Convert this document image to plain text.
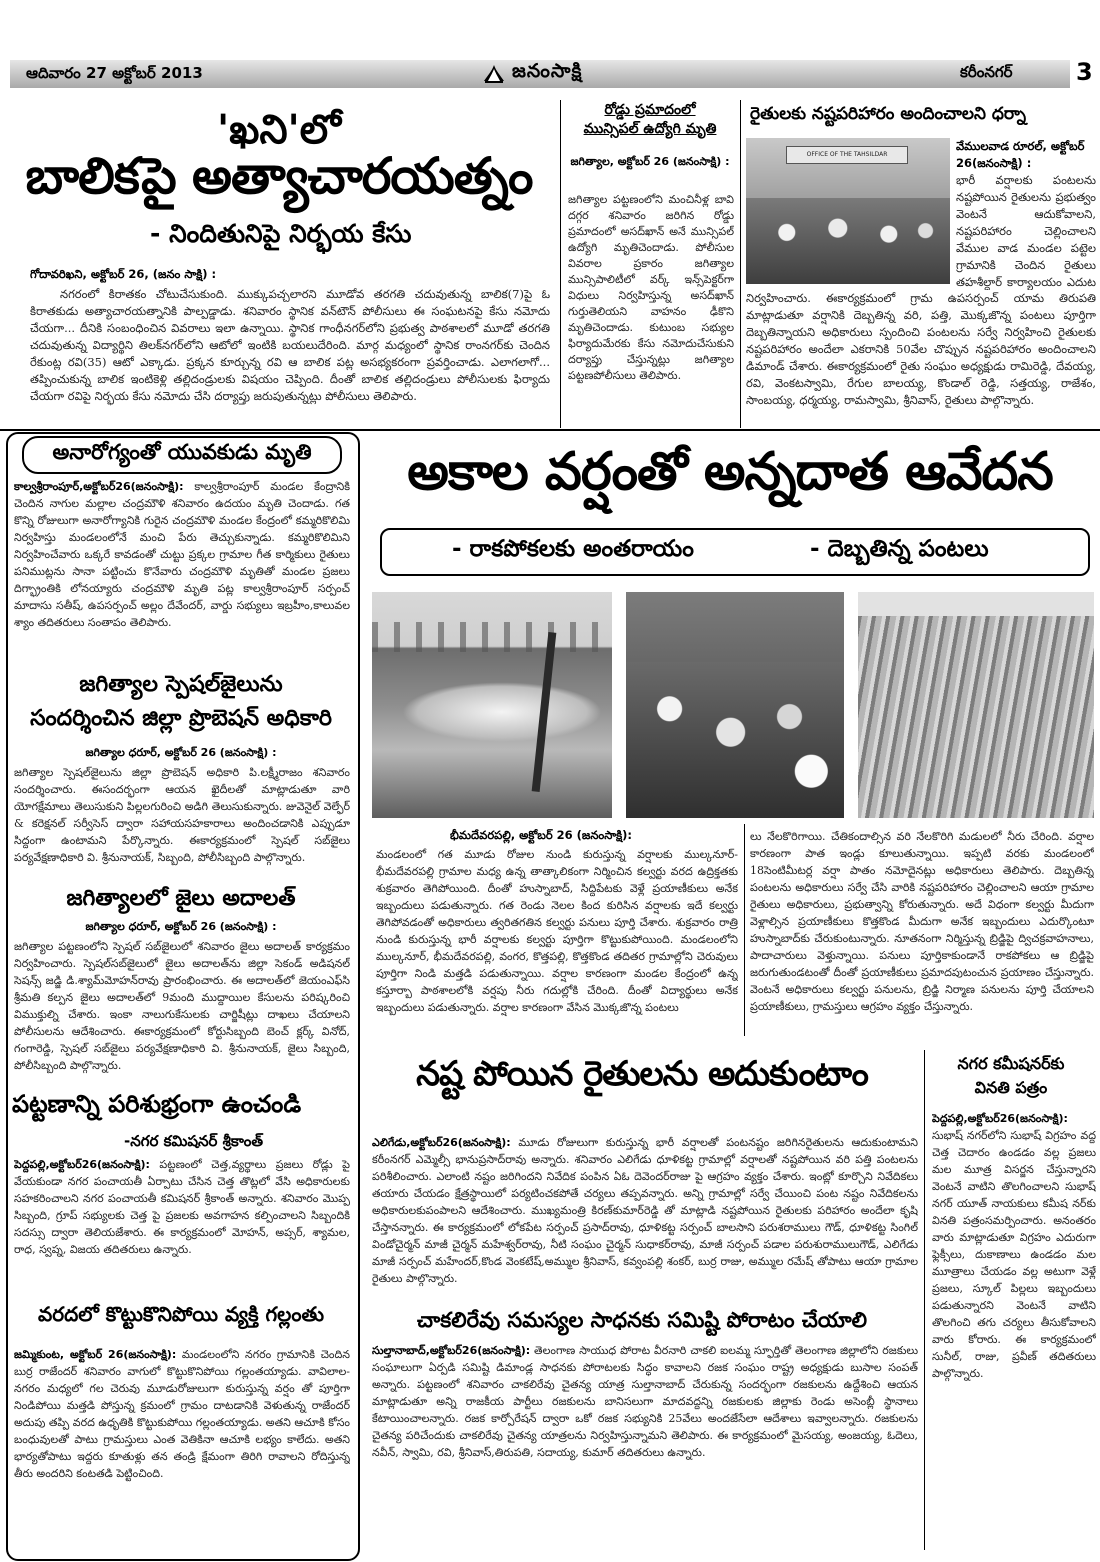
ఆదివారం 27 అక్టోబర్ 2013	జనంసాక్షి	కరీంనగర్	3
'ఖని'లో
బాలికపై అత్యాచారయత్నం
- నిందితునిపై నిర్భయ కేసు
గోదావరిఖని, అక్టోబర్ 26, (జనం సాక్షి) :

నగరంలో కిరాతకం చోటుచేసుకుంది. ముక్కుపచ్చలారని మూడోవ తరగతి చదువుతున్న బాలిక(7)పై ఓ కిరాతకుడు అత్యాచారయత్నానికి పాల్పడ్డాడు. శనివారం స్థానిక వన్‌టౌన్ పోలీసులు ఈ సంఘటనపై కేసు నమోదు చేయగా... దీనికి సంబంధించిన వివరాలు ఇలా ఉన్నాయి. స్థానిక గాంధీనగర్‌లోని ప్రభుత్వ పాఠశాలలో మూడో తరగతి చదువుతున్న విద్యార్థిని తిలక్‌నగర్‌లోని ఆటోలో ఇంటికి బయలుదేరింది. మార్గ మధ్యంలో స్థానిక రాంనగర్‌కు చెందిన రేకుంట్ల రవి(35) ఆటో ఎక్కాడు. ప్రక్కన కూర్చున్న రవి ఆ బాలిక పట్ల అసభ్యకరంగా ప్రవర్తించాడు. ఎలాగలాగో... తప్పించుకున్న బాలిక ఇంటికెళ్లి తల్లిదండ్రులకు విషయం చెప్పింది. దీంతో బాలిక తల్లిదండ్రులు పోలీసులకు ఫిర్యాదు చేయగా రవిపై నిర్భయ కేసు నమోదు చేసి దర్యాప్తు జరుపుతున్నట్లు పోలీసులు తెలిపారు.

రోడ్డు ప్రమాదంలో
మున్సిపల్ ఉద్యోగి మృతి
జగిత్యాల, అక్టోబర్ 26 (జనంసాక్షి) :

జగిత్యాల పట్టణంలోని మంచినీళ్ల బావి దగ్గర శనివారం జరిగిన రోడ్డు ప్రమాదంలో అసద్‌ఖాన్ అనే మున్సిపల్ ఉద్యోగి మృతిచెందాడు. పోలీసుల వివరాల ప్రకారం జగిత్యాల మున్సిపాలిటీలో వర్క్ ఇన్స్‌పెక్టర్‌గా విధులు నిర్వహిస్తున్న అసద్‌ఖాన్ గుర్తుతెలియని వాహనం ఢీకొని మృతిచెందాడు. కుటుంబ సభ్యుల ఫిర్యాదుమేరకు కేసు నమోదుచేసుకుని దర్యాప్తు చేస్తున్నట్లు జగిత్యాల పట్టణపోలీసులు తెలిపారు.

రైతులకు నష్టపరిహారం అందించాలని ధర్నా
OFFICE OF THE TAHSILDAR
వేములవాడ రూరల్, అక్టోబర్ 26(జనంసాక్షి) :

భారీ వర్షాలకు పంటలను నష్టపోయిన రైతులను ప్రభుత్వం వెంటనే ఆదుకోవాలని, నష్టపరిహారం చెల్లించాలని వేముల వాడ మండల పట్టెల గ్రామానికి చెందిన రైతులు తహశీల్దార్ కార్యాలయం ఎదుట

నిర్వహించారు. ఈకార్యక్రమంలో గ్రామ ఉపసర్పంచ్ యామ తిరుపతి మాట్లాడుతూ వర్షానికి దెబ్బతిన్న వరి, పత్తి, మొక్కజొన్న పంటలు పూర్తిగా దెబ్బతిన్నాయని అధికారులు స్పందించి పంటలను సర్వే నిర్వహించి రైతులకు నష్టపరిహారం అందేలా ఎకరానికి 50వేల చొప్పున నష్టపరిహారం అందించాలని డిమాండ్ చేశారు. ఈకార్యక్రమంలో రైతు సంఘం అధ్యక్షుడు రామిరెడ్డి, దేవయ్య, రవి, వెంకటస్వామి, రేగుల బాలయ్య, కొండాల్ రెడ్డి, సత్తయ్య, రాజేశం, సాంబయ్య, ధర్మయ్య, రామస్వామి, శ్రీనివాస్, రైతులు పాల్గొన్నారు.

అనారోగ్యంతో యువకుడు మృతి

కాల్వశ్రీరాంపూర్,అక్టోబర్26(జనంసాక్షి): కాల్వశ్రీరాంపూర్ మండల కేంద్రానికి చెందిన నాగుల మల్లాల చంద్రమౌళి శనివారం ఉదయం మృతి చెందాడు. గత కొన్ని రోజులుగా అనారోగ్యానికి గురైన చంద్రమౌళి మండల కేంద్రంలో కమ్మరికొలిమి నిర్వహిస్తు మండలంలోనే మంచి పేరు తెచ్చుకున్నాడు. కమ్మరికొలిమిని నిర్వహించేవారు ఒక్కరే కావడంతో చుట్టు ప్రక్కల గ్రామాల గీత కార్మికులు రైతులు పనిముట్లను సానా పట్టించు కొనేవారు చంద్రమౌళి మృతితో మండల ప్రజలు దిగ్భ్రాంతికి లోనయ్యారు చంద్రమౌళి మృతి పట్ల కాల్వశ్రీరాంపూర్ సర్పంచ్ మాదాసు సతీష్, ఉపసర్పంచ్ అల్లం దేవేందర్, వార్డు సభ్యులు ఇబ్రహీం,కాలువల శ్యాం తదితరులు సంతాపం తెలిపారు.

జగిత్యాల స్పెషల్‌జైలును
సందర్శించిన జిల్లా ప్రొబెషన్ అధికారి
జగిత్యాల ధరూర్, అక్టోబర్ 26 (జనంసాక్షి) :

జగిత్యాల స్పెషల్‌జైలును జిల్లా ప్రొబెషన్ అధికారి పి.లక్ష్మీరాజం శనివారం సందర్శించారు. ఈసందర్భంగా ఆయన ఖైదీలతో మాట్లాడుతూ వారి యోగక్షేమాలు తెలుసుకుని పిల్లలగురించి అడిగి తెలుసుకున్నారు. జువెనైల్ వెల్ఫేర్ & కరెక్షనల్ సర్వీసెస్ ద్వారా సహాయసహకారాలు అందించడానికి ఎప్పుడూ సిద్దంగా ఉంటామని పేర్కొన్నారు. ఈకార్యక్రమంలో స్పెషల్ సబ్‌జైలు పర్యవేక్షణాధికారి వి. శ్రీనునాయక్, సిబ్బంది, పోలీసిబ్బంది పాల్గొన్నారు.

జగిత్యాలలో జైలు అదాలత్
జగిత్యాల ధరూర్, అక్టోబర్ 26 (జనంసాక్షి) :

జగిత్యాల పట్టణంలోని స్పెషల్ సబ్‌జైలులో శనివారం జైలు అదాలత్ కార్యక్రమం నిర్వహించారు. స్పెషల్‌సబ్‌జైలులో జైలు అదాలత్‌ను జిల్లా సెకండ్ అడిషనల్ సెషన్స్ జడ్జి డి.శ్యామ్‌మోహన్‌రావు ప్రారంభించారు. ఈ అదాలత్‌లో జెయంఎఫ్‌సి శ్రీమతి కల్పన జైలు అదాలత్‌లో 9మంది ముద్దాయిల కేసులను పరిష్కరించి విముక్తుల్ని చేశారు. ఇంకా నాలుగుకేసులకు చార్జిషీట్లు దాఖలు చేయాలని పోలీసులను ఆదేశించారు. ఈకార్యక్రమంలో కోర్టుసిబ్బంది బెంచ్ క్లర్క్ వినోద్, గంగారెడ్డి, స్పెషల్ సబ్‌జైలు పర్యవేక్షణాధికారి వి. శ్రీనునాయక్, జైలు సిబ్బంది, పోలీసిబ్బంది పాల్గొన్నారు.

పట్టణాన్ని పరిశుభ్రంగా ఉంచండి
-నగర కమిషనర్ శ్రీకాంత్

పెద్దపల్లి,అక్టోబర్26(జనంసాక్షి): పట్టణంలో చెత్త,వ్యర్థాలు ప్రజలు రోడ్లు పై వేయకుండా నగర పంచాయతీ ఏర్పాటు చేసిన చెత్త తొట్లలో వేసి అధికారులకు సహకరించాలని నగర పంచాయతీ కమిషనర్ శ్రీకాంత్ అన్నారు. శనివారం మొప్ప సిబ్బంది, గ్రూప్ సభ్యులకు చెత్త పై ప్రజలకు అవగాహన కల్పించాలని సిబ్బందికి సదస్సు ద్వారా తెలియజేశారు. ఈ కార్యక్రమంలో మోహన్, అప్సర్, శ్యామల, రాధ, స్వప్న, విజయ తదితరులు ఉన్నారు.

వరదలో కొట్టుకొనిపోయి వ్యక్తి గల్లంతు

జమ్మికుంట, అక్టోబర్ 26(జనంసాక్షి): మండలంలోని నగరం గ్రామానికి చెందిన బుర్ర రాజేందర్ శనివారం వాగులో కొట్టుకొనిపోయి గల్లంతయ్యాడు. వావిలాల-నగరం మధ్యలో గల చెరువు మూడురోజులుగా కురుస్తున్న వర్షం తో పూర్తిగా నిండిపోయి మత్తడి పోస్తున్న క్రమంలో గ్రామం దాటడానికి వెళుతున్న రాజేందర్ అదుపు తప్పి వరద ఉధృతికి కొట్టుకుపోయి గల్లంతయ్యాడు. అతని ఆచూకి కోసం బంధువులతో పాటు గ్రామస్తులు ఎంత వెతికినా ఆచూకి లభ్యం కాలేదు. అతని భార్యతోపాటు ఇద్దరు కూతుళ్లు తన తండ్రి క్షేమంగా తిరిగి రావాలని రోదిస్తున్న తీరు అందరిని కంటతడి పెట్టించింది.

అకాల వర్షంతో అన్నదాత ఆవేదన
- రాకపోకలకు అంతరాయం	- దెబ్బతిన్న పంటలు
భీమదేవరపల్లి, అక్టోబర్ 26 (జనంసాక్షి):

మండలంలో గత మూడు రోజుల నుండి కురుస్తున్న వర్షాలకు ముల్కనూర్-భీమదేవరపల్లి గ్రామాల మధ్య ఉన్న తాత్కాలికంగా నిర్మించిన కల్వర్టు వరద ఉద్రిక్తతకు శుక్రవారం తెగిపోయింది. దీంతో హుస్నాబాద్, సిద్దిపేటకు వెళ్లే ప్రయాణీకులు అనేక ఇబ్బందులు పడుతున్నారు. గత రెండు నెలల కింద కురిసిన వర్షాలకు ఇదే కల్వర్టు తెగిపోవడంతో అధికారులు త్వరితగతిన కల్వర్టు పనులు పూర్తి చేశారు. శుక్రవారం రాత్రి నుండి కురుస్తున్న భారీ వర్షాలకు కల్వర్టు పూర్తిగా కొట్టుకుపోయింది. మండలంలోని ముల్కనూర్, భీమదేవరపల్లి, వంగర, కొత్తపల్లి, కొత్తకొండ తదితర గ్రామాల్లోని చెరువులు పూర్తిగా నిండి మత్తడి పడుతున్నాయి. వర్షాల కారణంగా మండల కేంద్రంలో ఉన్న కస్తూర్బా పాఠశాలలోకి వర్షపు నీరు గదుల్లోకి చేరింది. దీంతో విద్యార్థులు అనేక ఇబ్బందులు పడుతున్నారు. వర్షాల కారణంగా వేసిన మొక్కజొన్న పంటలు

లు నేలకొరిగాయి. చేతికందాల్సిన వరి నేలకొరిగి మడులలో నీరు చేరింది. వర్షాల కారణంగా పాత ఇండ్లు కూలుతున్నాయి. ఇప్పటి వరకు మండలంలో 18సెంటిమీటర్ల వర్షా పాతం నమోదైనట్లు అధికారులు తెలిపారు. దెబ్బతిన్న పంటలను అధికారులు సర్వే చేసి వారికి నష్టపరిహారం చెల్లించాలని ఆయా గ్రామాల రైతులు అధికారులు, ప్రభుత్వాన్ని కోరుతున్నారు. అదే విధంగా కల్వర్టు మీదుగా వెళ్లాల్సిన ప్రయాణీకులు కొత్తకొండ మీదుగా అనేక ఇబ్బందులు ఎదుర్కొంటూ హుస్నాబాద్‌కు చేరుకుంటున్నారు. నూతనంగా నిర్మిస్తున్న బ్రిడ్జిపై ద్విచక్రవాహనాలు, పాదాచారులు వెళ్తున్నాయి. పనులు పూర్తికాకుండానే రాకపోకలు ఆ బ్రిడ్జిపై జరుగుతుండటంతో దీంతో ప్రయాణీకులు ప్రమాదపుటంచున ప్రయాణం చేస్తున్నారు. వెంటనే అధికారులు కల్వర్టు పనులను, బ్రిడ్జి నిర్మాణ పనులను పూర్తి చేయాలని ప్రయాణీకులు, గ్రామస్తులు ఆగ్రహం వ్యక్తం చేస్తున్నారు.

నష్ట పోయిన రైతులను అదుకుంటాం

ఎలిగేడు,అక్టోబర్26(జనంసాక్షి): మూడు రోజులుగా కురుస్తున్న భారీ వర్షాలతో పంటనష్టం జరిగినరైతులను ఆదుకుంటామని కరీంనగర్ ఎమ్మెల్సీ భానుప్రసాద్‌రావు అన్నారు. శనివారం ఎలిగేడు ధూళికట్ట గ్రామాల్లో వర్షాలతో నష్టపోయిన వరి పత్తి పంటలను పరిశీలించారు. ఎలాంటి నష్టం జరిగిందని నివేదిక పంపిన ఏఓ దెవెందర్‌రాజు పై ఆగ్రహం వ్యక్తం చేశారు. ఇంట్లో కూర్చొని నివేదికలు తయారు చేయడం క్షేత్రస్థాయిలో పర్యటించకపోతే చర్యలు తప్పవన్నారు. అన్ని గ్రామాల్లో సర్వే చేయించి పంట నష్టం నివేదికలను అధికారులకుపంపాలని ఆదేశించారు. ముఖ్యమంత్రి కిరణ్‌కుమార్‌రెడ్డి తో మాట్లాడి నష్టపోయిన రైతులకు పరిహారం అందేలా కృషి చేస్తానన్నారు. ఈ కార్యక్రమంలో లోకపేట సర్పంచ్ ప్రసాద్‌రావు, ధూళికట్ట సర్పంచ్ బాలసాని పరుశరాములు గౌడ్, ధూళికట్ట సింగిల్ విండోచైర్మన్ మాజీ చైర్మన్ మహేశ్వర్‌రావు, నీటి సంఘం చైర్మన్ సుధాకర్‌రావు, మాజీ సర్పంచ్ పడాల పరుశురాములుగౌడ్, ఎలిగేడు మాజీ సర్పంచ్ మహేందర్,కొండ వెంకటేష్,అమ్ముల శ్రీనివాస్, కవ్వంపల్లి శంకర్, బుర్ర రాజు, అమ్ముల రమేష్ తోపాటు ఆయా గ్రామాల రైతులు పాల్గొన్నారు.

చాకలిరేవు సమస్యల సాధనకు సమిష్టి పోరాటం చేయాలి

సుల్తానాబాద్,అక్టోబర్26(జనంసాక్షి): తెలంగాణ సాయుధ పోరాట వీరనారి చాకలి ఐలమ్మ స్ఫూర్తితో తెలంగాణ జిల్లాలోని రజకులు సంఘాలుగా ఏర్పడి సమిష్టి డిమాండ్ల సాధనకు పోరాటలకు సిద్ధం కావాలని రజక సంఘం రాష్ట్ర అధ్యక్షుడు బుసాల సంపత్ అన్నారు. పట్టణంలో శనివారం చాకలిరేవు చైతన్య యాత్ర సుల్తానాబాద్ చేరుకున్న సందర్భంగా రజకులను ఉద్దేశించి ఆయన మాట్లాడుతూ అన్ని రాజకీయ పార్టీలు రజకులను బానిసలుగా మాదవద్దన్ని రజకులకు జిల్లాకు రెండు అసెంబ్లీ స్థానాలు కేటాయించాలన్నారు. రజక కార్పోరేషన్ ద్వారా ఒకో రజక సభ్యునికి 25వేలు అందజేసేలా ఆదేశాలు ఇవ్వాలన్నారు. రజకులను చైతన్య పరిచేందుకు చాకలిరేవు చైతన్య యాత్రలను నిర్వహిస్తున్నామని తెలిపారు. ఈ కార్యక్రమంలో మైసయ్య, అంజయ్య, ఓదెలు, నవీన్, స్వామి, రవి, శ్రీనివాస్,తిరుపతి, సదాయ్య, కుమార్ తదితరులు ఉన్నారు.

నగర కమీషనర్‌కు
వినతి పత్రం

పెద్దపల్లి,అక్టోబర్26(జనంసాక్షి): సుభాష్ నగర్‌లోని సుభాష్ విగ్రహం వద్ద చెత్త చెదారం ఉండడం వల్ల ప్రజలు మల మూత్ర విసర్జన చేస్తున్నారని వెంటనే వాటిని తొలగించాలని సుభాష్ నగర్ యూత్ నాయకులు కమీష నర్‌కు వినతి పత్రంసమర్పించారు. అనంతరం వారు మాట్లాడుతూ విగ్రహం ఎదురుగా ఫ్లెక్సీలు, దుకాణాలు ఉండడం మల మూత్రాలు చేయడం వల్ల అటుగా వెళ్లే ప్రజలు, స్కూల్ పిల్లలు ఇబ్బందులు పడుతున్నారని వెంటనే వాటిని తొలగించి తగు చర్యలు తీసుకోవాలని వారు కోరారు. ఈ కార్యక్రమంలో సునీల్, రాజు, ప్రవీణ్ తదితరులు పాల్గొన్నారు.
